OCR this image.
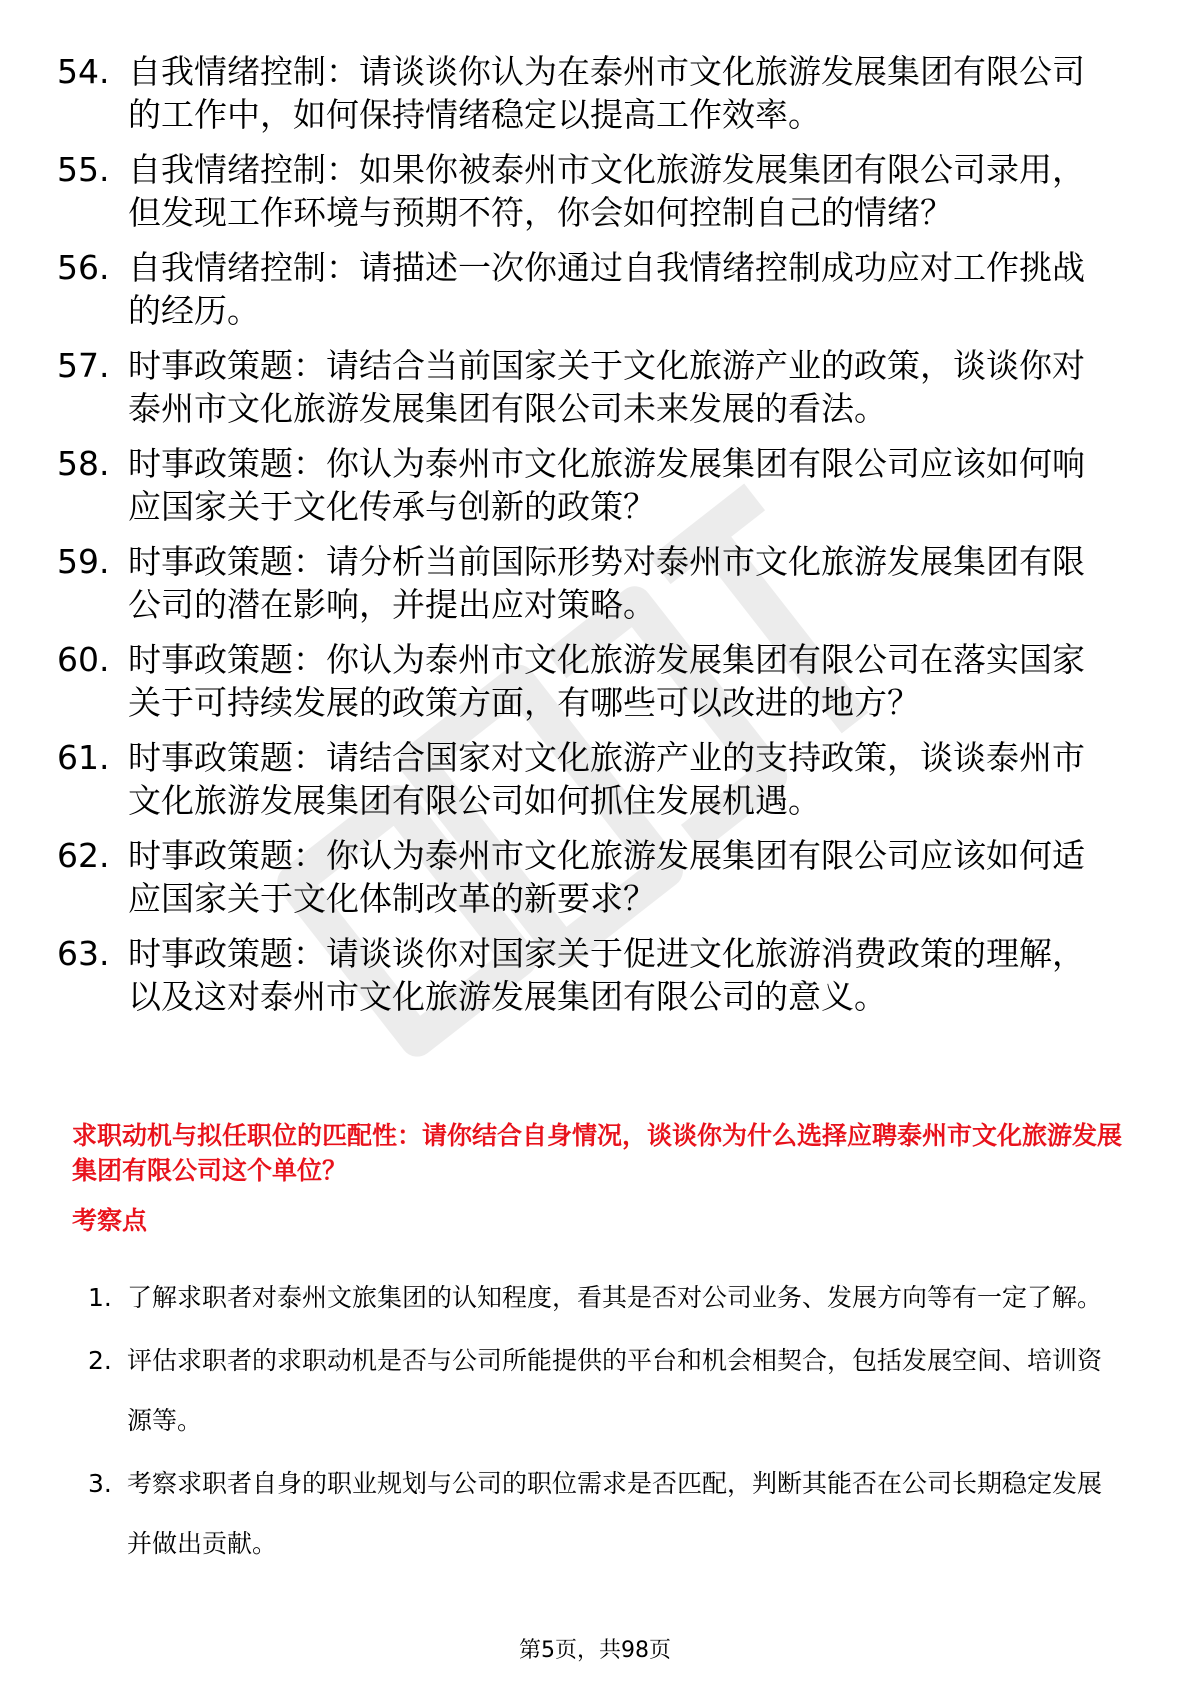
54. 自我情绪控制：请谈谈你认为在泰州市文化旅游发展集团有限公司的工作中，如何保持情绪稳定以提高工作效率。
55. 自我情绪控制：如果你被泰州市文化旅游发展集团有限公司录用，但发现工作环境与预期不符，你会如何控制自己的情绪？
56. 自我情绪控制：请描述一次你通过自我情绪控制成功应对工作挑战的经历。
57. 时事政策题：请结合当前国家关于文化旅游产业的政策，谈谈你对泰州市文化旅游发展集团有限公司未来发展的看法。
58. 时事政策题：你认为泰州市文化旅游发展集团有限公司应该如何响应国家关于文化传承与创新的政策？
59. 时事政策题：请分析当前国际形势对泰州市文化旅游发展集团有限公司的潜在影响，并提出应对策略。
60. 时事政策题：你认为泰州市文化旅游发展集团有限公司在落实国家关于可持续发展的政策方面，有哪些可以改进的地方？
61. 时事政策题：请结合国家对文化旅游产业的支持政策，谈谈泰州市文化旅游发展集团有限公司如何抓住发展机遇。
62. 时事政策题：你认为泰州市文化旅游发展集团有限公司应该如何适应国家关于文化体制改革的新要求？
63. 时事政策题：请谈谈你对国家关于促进文化旅游消费政策的理解，以及这对泰州市文化旅游发展集团有限公司的意义。
求职动机与拟任职位的匹配性：请你结合自身情况，谈谈你为什么选择应聘泰州市文化旅游发展集团有限公司这个单位？
考察点
1. 了解求职者对泰州文旅集团的认知程度，看其是否对公司业务、发展方向等有一定了解。
2. 评估求职者的求职动机是否与公司所能提供的平台和机会相契合，包括发展空间、培训资源等。
3. 考察求职者自身的职业规划与公司的职位需求是否匹配，判断其能否在公司长期稳定发展并做出贡献。
第5页，共98页
